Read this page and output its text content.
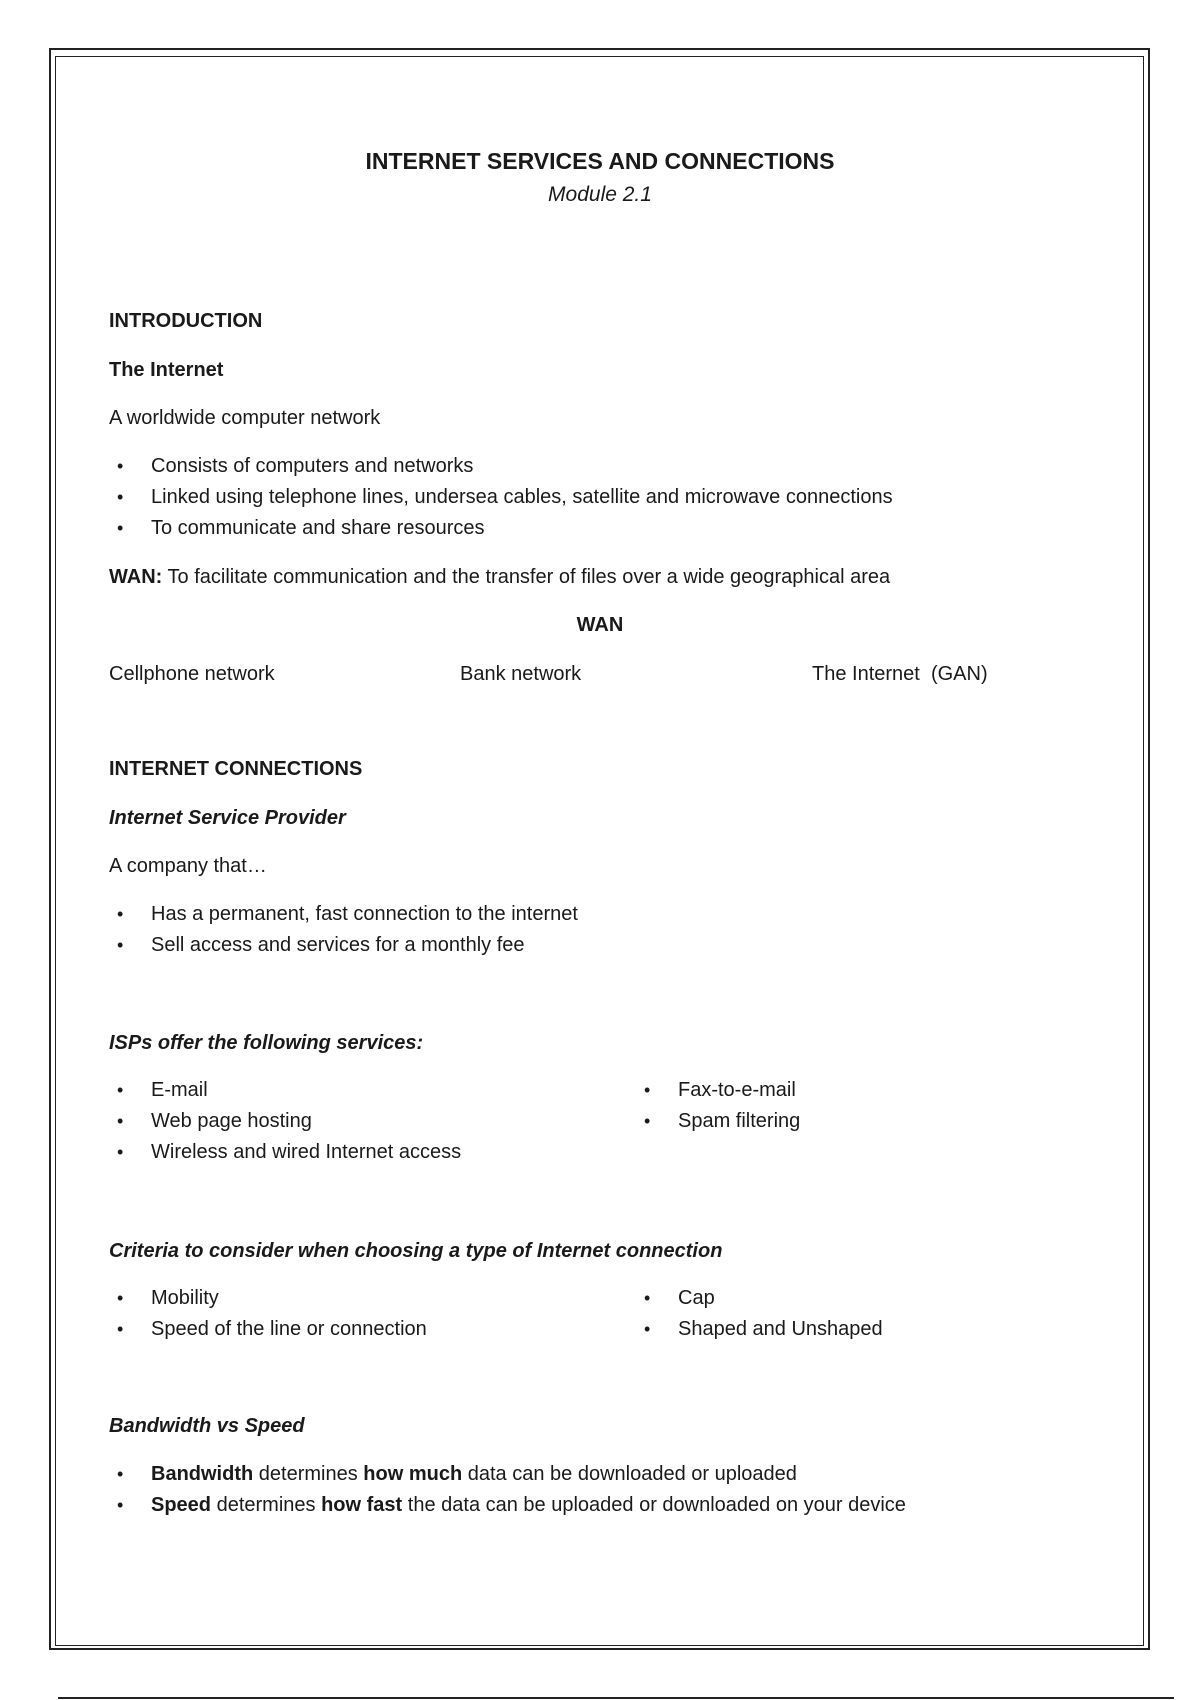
INTERNET SERVICES AND CONNECTIONS
Module 2.1
INTRODUCTION
The Internet
A worldwide computer network
• Consists of computers and networks
• Linked using telephone lines, undersea cables, satellite and microwave connections
• To communicate and share resources
WAN: To facilitate communication and the transfer of files over a wide geographical area
WAN
Cellphone network	Bank network	The Internet  (GAN)
INTERNET CONNECTIONS
Internet Service Provider
A company that…
• Has a permanent, fast connection to the internet
• Sell access and services for a monthly fee
ISPs offer the following services:
• E-mail
• Web page hosting
• Wireless and wired Internet access
• Fax-to-e-mail
• Spam filtering
Criteria to consider when choosing a type of Internet connection
• Mobility
• Speed of the line or connection
• Cap
• Shaped and Unshaped
Bandwidth vs Speed
• Bandwidth determines how much data can be downloaded or uploaded
• Speed determines how fast the data can be uploaded or downloaded on your device
